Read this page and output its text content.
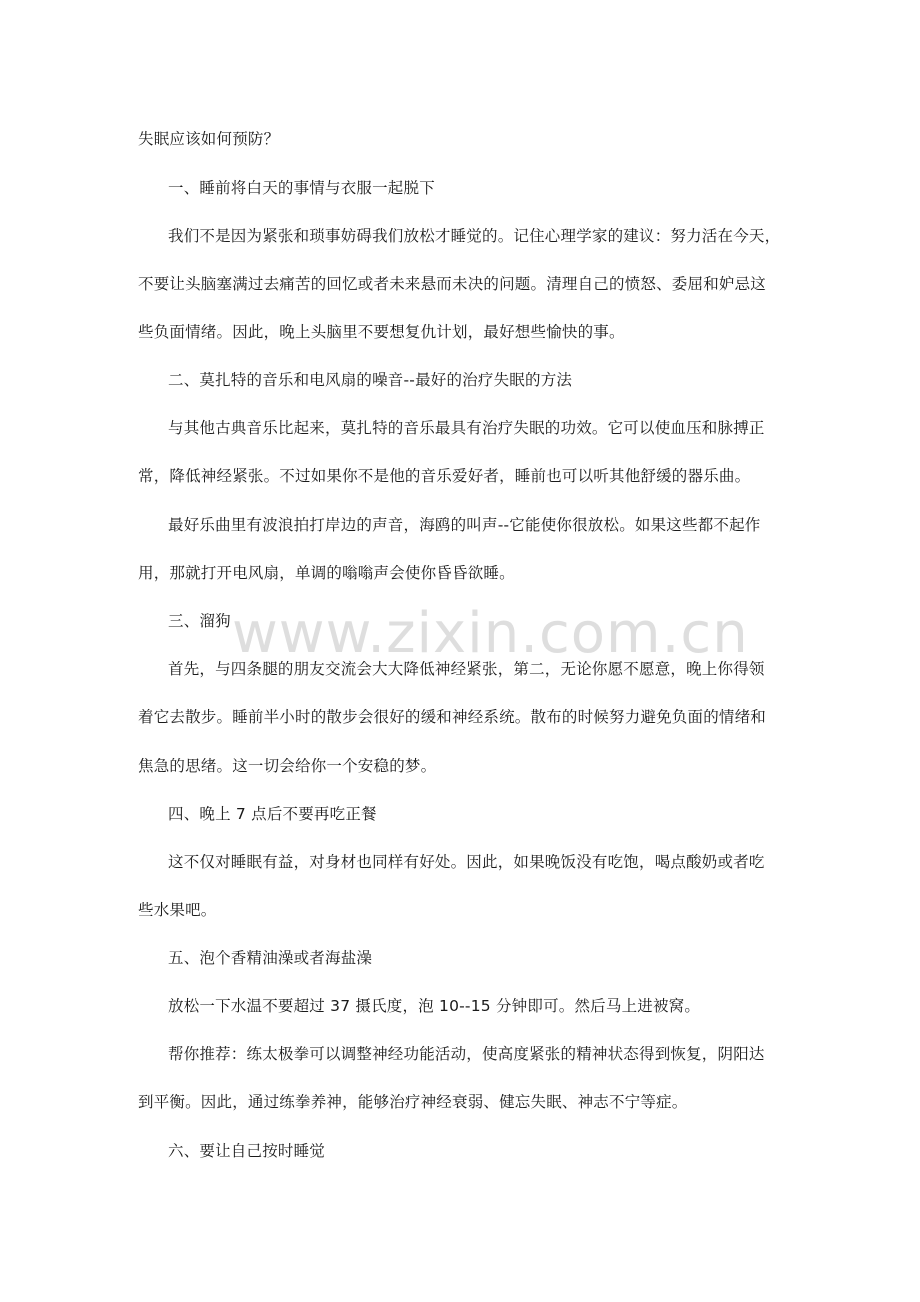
失眠应该如何预防？
一、睡前将白天的事情与衣服一起脱下
我们不是因为紧张和琐事妨碍我们放松才睡觉的。记住心理学家的建议：努力活在今天，
不要让头脑塞满过去痛苦的回忆或者未来悬而未决的问题。清理自己的愤怒、委屈和妒忌这
些负面情绪。因此，晚上头脑里不要想复仇计划，最好想些愉快的事。
二、莫扎特的音乐和电风扇的噪音--最好的治疗失眠的方法
与其他古典音乐比起来，莫扎特的音乐最具有治疗失眠的功效。它可以使血压和脉搏正
常，降低神经紧张。不过如果你不是他的音乐爱好者，睡前也可以听其他舒缓的器乐曲。
最好乐曲里有波浪拍打岸边的声音，海鸥的叫声--它能使你很放松。如果这些都不起作
用，那就打开电风扇，单调的嗡嗡声会使你昏昏欲睡。
三、溜狗
首先，与四条腿的朋友交流会大大降低神经紧张，第二，无论你愿不愿意，晚上你得领
着它去散步。睡前半小时的散步会很好的缓和神经系统。散布的时候努力避免负面的情绪和
焦急的思绪。这一切会给你一个安稳的梦。
四、晚上 7 点后不要再吃正餐
这不仅对睡眠有益，对身材也同样有好处。因此，如果晚饭没有吃饱，喝点酸奶或者吃
些水果吧。
五、泡个香精油澡或者海盐澡
放松一下水温不要超过 37 摄氏度，泡 10--15 分钟即可。然后马上进被窝。
帮你推荐：练太极拳可以调整神经功能活动，使高度紧张的精神状态得到恢复，阴阳达
到平衡。因此，通过练拳养神，能够治疗神经衰弱、健忘失眠、神志不宁等症。
六、要让自己按时睡觉
www.zixin.com.cn
